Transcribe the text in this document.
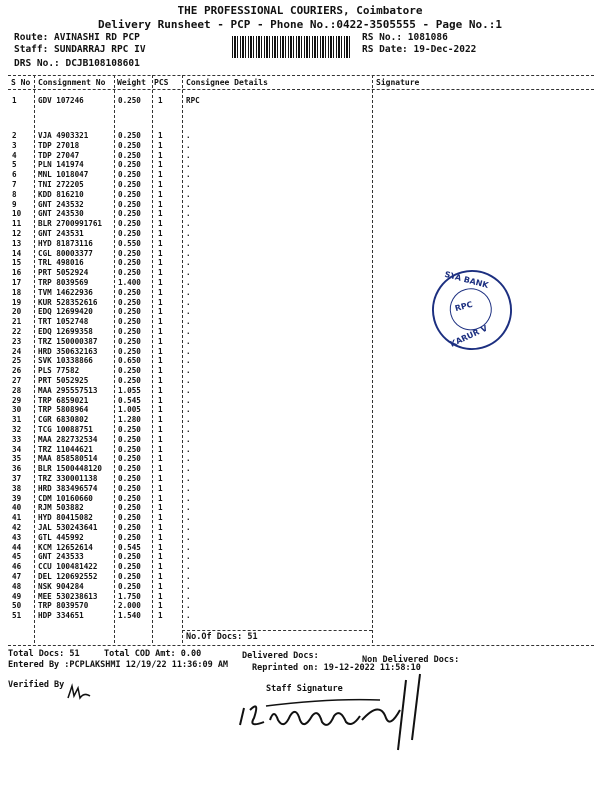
THE PROFESSIONAL COURIERS, Coimbatore
Delivery Runsheet - PCP - Phone No.:0422-3505555 - Page No.:1
Route: AVINASHI RD PCP
Staff: SUNDARRAJ RPC IV
DRS No.: DCJB108108601
RS No.: 1081086
RS Date: 19-Dec-2022
S No Consignment No Weight PCS Consignee Details	Signature
1	GDV 107246	0.250 1	RPC
2	VJA 4903321	0.250 1	.
3	TDP 27018	0.250 1	.
4	TDP 27047	0.250 1	.
5	PLN 141974	0.250 1	.
6	MNL 1018047	0.250 1	.
7	TNI 272205	0.250 1	.
8	KDD 816210	0.250 1	.
9	GNT 243532	0.250 1	.
10 GNT 243530	0.250 1	.
11 BLR 2700991761 0.250 1	.
12 GNT 243531	0.250 1	.
13 HYD 81873116	0.550 1	.
14 CGL 80003377	0.250 1	.
15 TRL 498016	0.250 1	.
16 PRT 5052924	0.250 1	.
17 TRP 8039569	1.400 1	.
18 TVM 14622936	0.250 1	.
19 KUR 528352616	0.250 1	.
20 EDQ 12699420	0.250 1	.
21 TRT 1052748	0.250 1	.
22 EDQ 12699358	0.250 1	.
23 TRZ 150000387	0.250 1	.
24 HRD 350632163	0.250 1	.
25 SVK 10338866	0.650 1	.
26 PLS 77582	0.250 1	.
27 PRT 5052925	0.250 1	.
28 MAA 295557513	1.055 1	.
29 TRP 6859021	0.545 1	.
30 TRP 5808964	1.005 1	.
31 CGR 6830802	1.280 1	.
32 TCG 10088751	0.250 1	.
33 MAA 282732534	0.250 1	.
34 TRZ 11044621	0.250 1	.
35 MAA 858580514	0.250 1	.
36 BLR 1500448120 0.250 1	.
37 TRZ 330001138	0.250 1	.
38 HRD 383496574	0.250 1	.
39 CDM 10160660	0.250 1	.
40 RJM 503882	0.250 1	.
41 HYD 80415082	0.250 1	.
42 JAL 530243641	0.250 1	.
43 GTL 445992	0.250 1	.
44 KCM 12652614	0.545 1	.
45 GNT 243533	0.250 1	.
46 CCU 100481422	0.250 1	.
47 DEL 120692552	0.250 1	.
48 NSK 904284	0.250 1	.
49 MEE 530238613	1.750 1	.
50 TRP 8039570	2.000 1	.
51 HDP 334651	1.540 1	.
No.Of Docs: 51
Total Docs: 51	Total COD Amt: 0.00	Delivered Docs:	Non Delivered Docs:
Entered By :PCPLAKSHMI 12/19/22 11:36:09 AM	Reprinted on: 19-12-2022 11:58:10
Verified By	Staff Signature
SYA BANK
RPC
KARUR V
